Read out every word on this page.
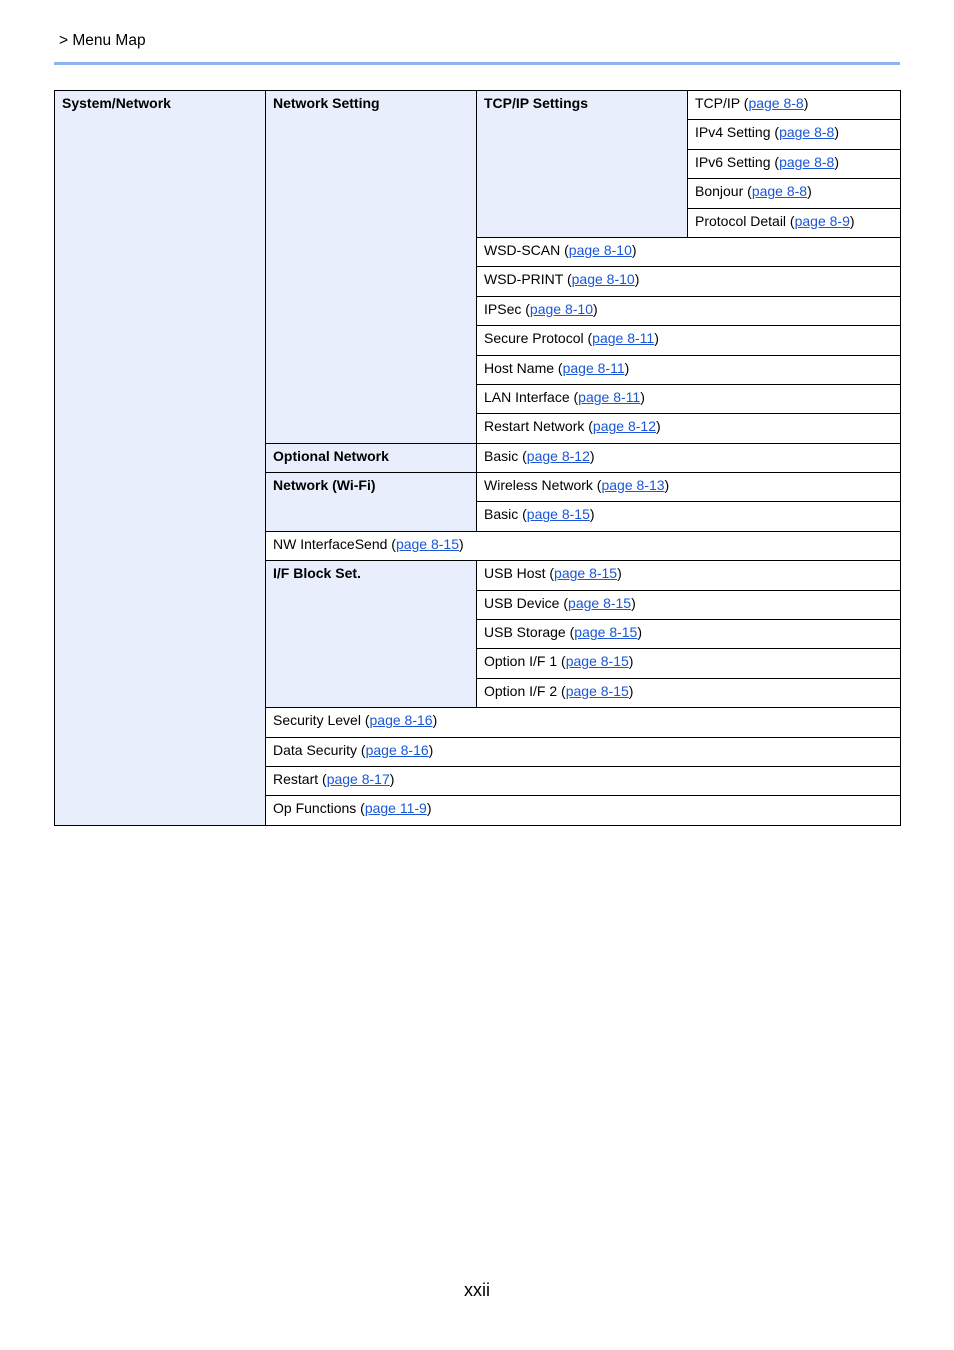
> Menu Map
System/Network	Network Setting	TCP/IP Settings	TCP/IP (page 8-8)
			IPv4 Setting (page 8-8)
			IPv6 Setting (page 8-8)
			Bonjour (page 8-8)
			Protocol Detail (page 8-9)
		WSD-SCAN (page 8-10)	
		WSD-PRINT (page 8-10)	
		IPSec (page 8-10)	
		Secure Protocol (page 8-11)	
		Host Name (page 8-11)	
		LAN Interface (page 8-11)	
		Restart Network (page 8-12)	
	Optional Network	Basic (page 8-12)	
	Network (Wi-Fi)	Wireless Network (page 8-13)	
		Basic (page 8-15)	
	NW InterfaceSend (page 8-15)		
	I/F Block Set.	USB Host (page 8-15)	
		USB Device (page 8-15)	
		USB Storage (page 8-15)	
		Option I/F 1 (page 8-15)	
		Option I/F 2 (page 8-15)	
	Security Level (page 8-16)		
	Data Security (page 8-16)		
	Restart (page 8-17)		
	Op Functions (page 11-9)		
xxii
